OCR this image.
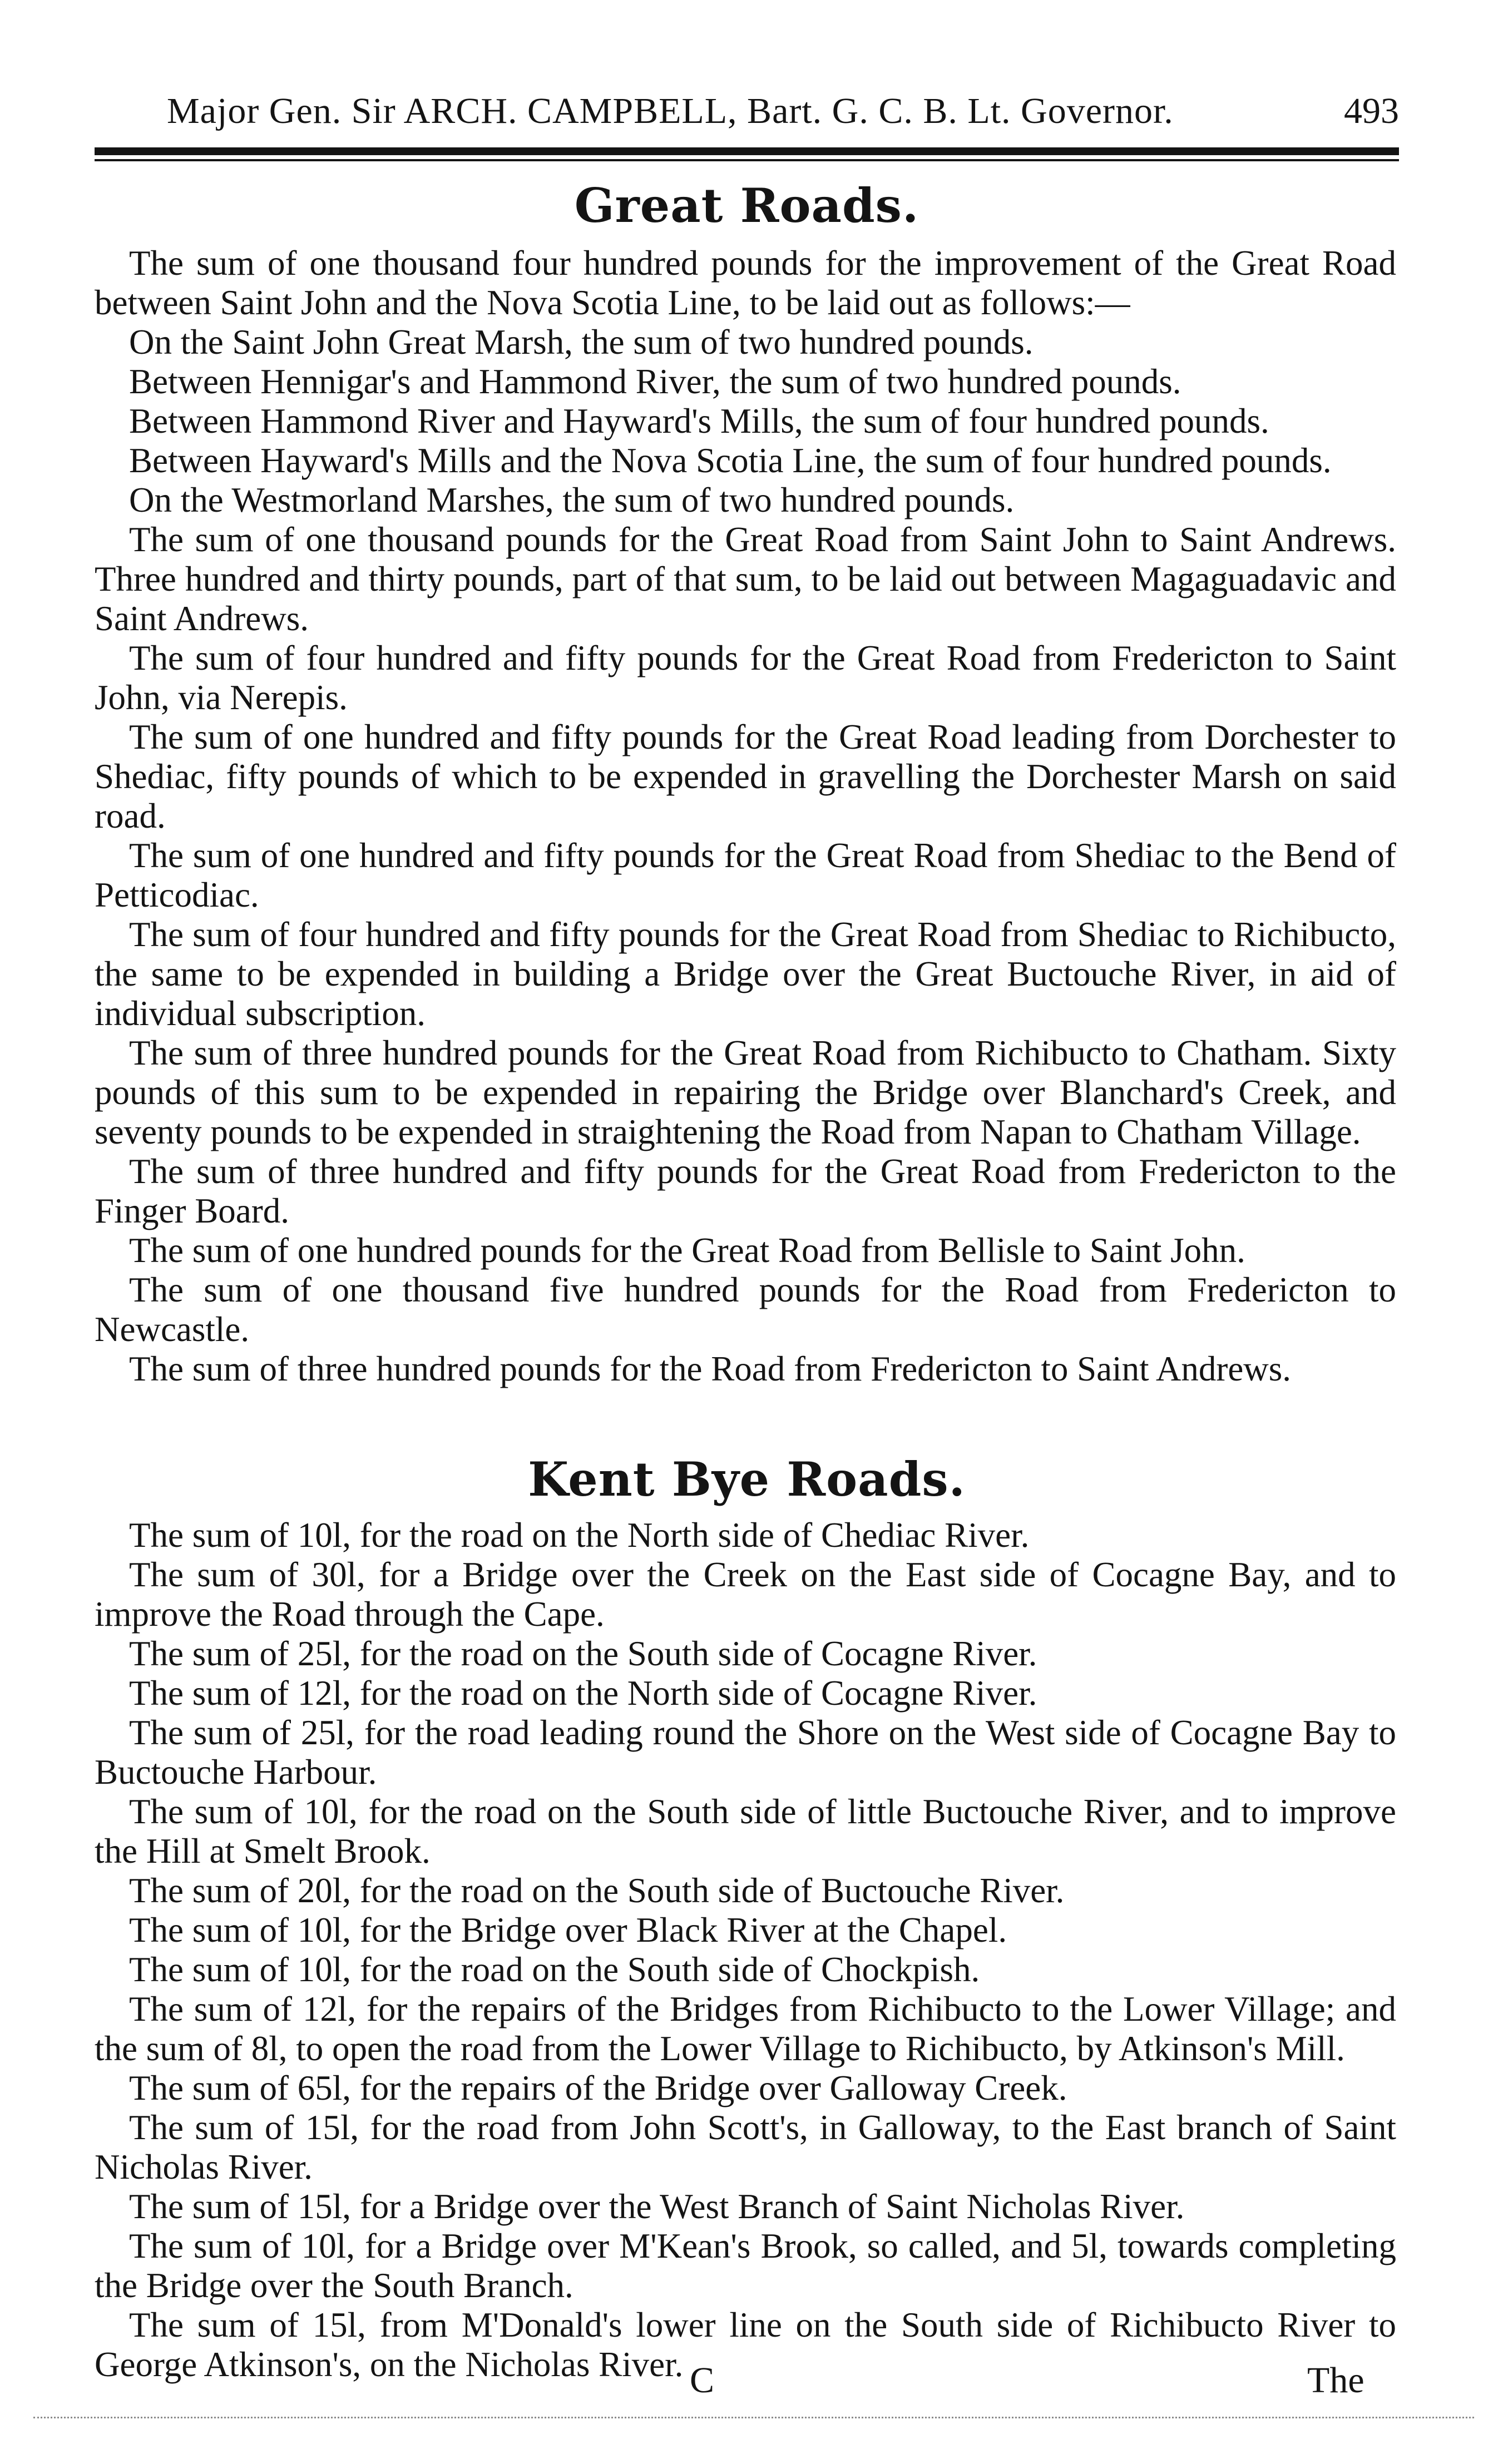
Major Gen. Sir ARCH. CAMPBELL, Bart. G. C. B. Lt. Governor.	493
Great Roads.

The sum of one thousand four hundred pounds for the improvement of the Great Road between Saint John and the Nova Scotia Line, to be laid out as follows:—

On the Saint John Great Marsh, the sum of two hundred pounds.

Between Hennigar's and Hammond River, the sum of two hundred pounds.

Between Hammond River and Hayward's Mills, the sum of four hundred pounds.

Between Hayward's Mills and the Nova Scotia Line, the sum of four hundred pounds.

On the Westmorland Marshes, the sum of two hundred pounds.

The sum of one thousand pounds for the Great Road from Saint John to Saint Andrews. Three hundred and thirty pounds, part of that sum, to be laid out between Magaguadavic and Saint Andrews.

The sum of four hundred and fifty pounds for the Great Road from Fredericton to Saint John, via Nerepis.

The sum of one hundred and fifty pounds for the Great Road leading from Dorchester to Shediac, fifty pounds of which to be expended in gravelling the Dorchester Marsh on said road.

The sum of one hundred and fifty pounds for the Great Road from Shediac to the Bend of Petticodiac.

The sum of four hundred and fifty pounds for the Great Road from Shediac to Richibucto, the same to be expended in building a Bridge over the Great Buctouche River, in aid of individual subscription.

The sum of three hundred pounds for the Great Road from Richibucto to Chatham. Sixty pounds of this sum to be expended in repairing the Bridge over Blanchard's Creek, and seventy pounds to be expended in straightening the Road from Napan to Chatham Village.

The sum of three hundred and fifty pounds for the Great Road from Fredericton to the Finger Board.

The sum of one hundred pounds for the Great Road from Bellisle to Saint John.

The sum of one thousand five hundred pounds for the Road from Fredericton to Newcastle.

The sum of three hundred pounds for the Road from Fredericton to Saint Andrews.

Kent Bye Roads.

The sum of 10l, for the road on the North side of Chediac River.

The sum of 30l, for a Bridge over the Creek on the East side of Cocagne Bay, and to improve the Road through the Cape.

The sum of 25l, for the road on the South side of Cocagne River.

The sum of 12l, for the road on the North side of Cocagne River.

The sum of 25l, for the road leading round the Shore on the West side of Cocagne Bay to Buctouche Harbour.

The sum of 10l, for the road on the South side of little Buctouche River, and to improve the Hill at Smelt Brook.

The sum of 20l, for the road on the South side of Buctouche River.

The sum of 10l, for the Bridge over Black River at the Chapel.

The sum of 10l, for the road on the South side of Chockpish.

The sum of 12l, for the repairs of the Bridges from Richibucto to the Lower Village; and the sum of 8l, to open the road from the Lower Village to Richibucto, by Atkinson's Mill.

The sum of 65l, for the repairs of the Bridge over Galloway Creek.

The sum of 15l, for the road from John Scott's, in Galloway, to the East branch of Saint Nicholas River.

The sum of 15l, for a Bridge over the West Branch of Saint Nicholas River.

The sum of 10l, for a Bridge over M'Kean's Brook, so called, and 5l, towards completing the Bridge over the South Branch.

The sum of 15l, from M'Donald's lower line on the South side of Richibucto River to George Atkinson's, on the Nicholas River. C	The
